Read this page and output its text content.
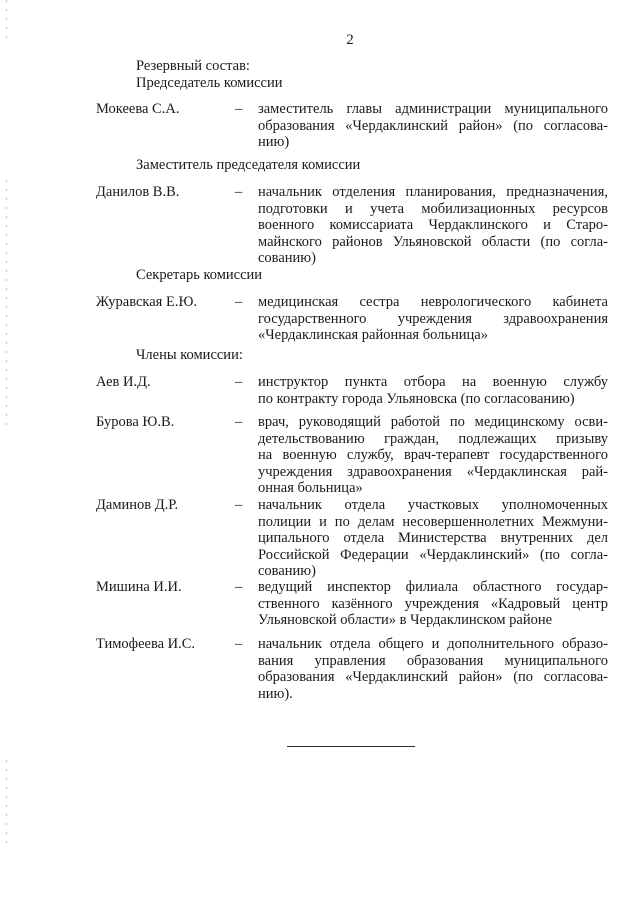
2
Резервный состав:
Председатель комиссии
Мокеева С.А.	– заместитель главы администрации муниципального
образования «Чердаклинский район» (по согласова-
нию)
Заместитель председателя комиссии
Данилов В.В.	– начальник отделения планирования, предназначения,
подготовки и учета мобилизационных ресурсов
военного комиссариата Чердаклинского и Старо-
майнского районов Ульяновской области (по согла-
сованию)
Секретарь комиссии
Журавская Е.Ю.	– медицинская сестра неврологического кабинета
государственного учреждения здравоохранения
«Чердаклинская районная больница»
Члены комиссии:
Аев И.Д.	– инструктор пункта отбора на военную службу
по контракту города Ульяновска (по согласованию)
Бурова Ю.В.	– врач, руководящий работой по медицинскому осви-
детельствованию граждан, подлежащих призыву
на военную службу, врач-терапевт государственного
учреждения здравоохранения «Чердаклинская рай-
онная больница»
Даминов Д.Р.	– начальник отдела участковых уполномоченных
полиции и по делам несовершеннолетних Межмуни-
ципального отдела Министерства внутренних дел
Российской Федерации «Чердаклинский» (по согла-
сованию)
Мишина И.И.	– ведущий инспектор филиала областного государ-
ственного казённого учреждения «Кадровый центр
Ульяновской области» в Чердаклинском районе
Тимофеева И.С.	– начальник отдела общего и дополнительного образо-
вания управления образования муниципального
образования «Чердаклинский район» (по согласова-
нию).
